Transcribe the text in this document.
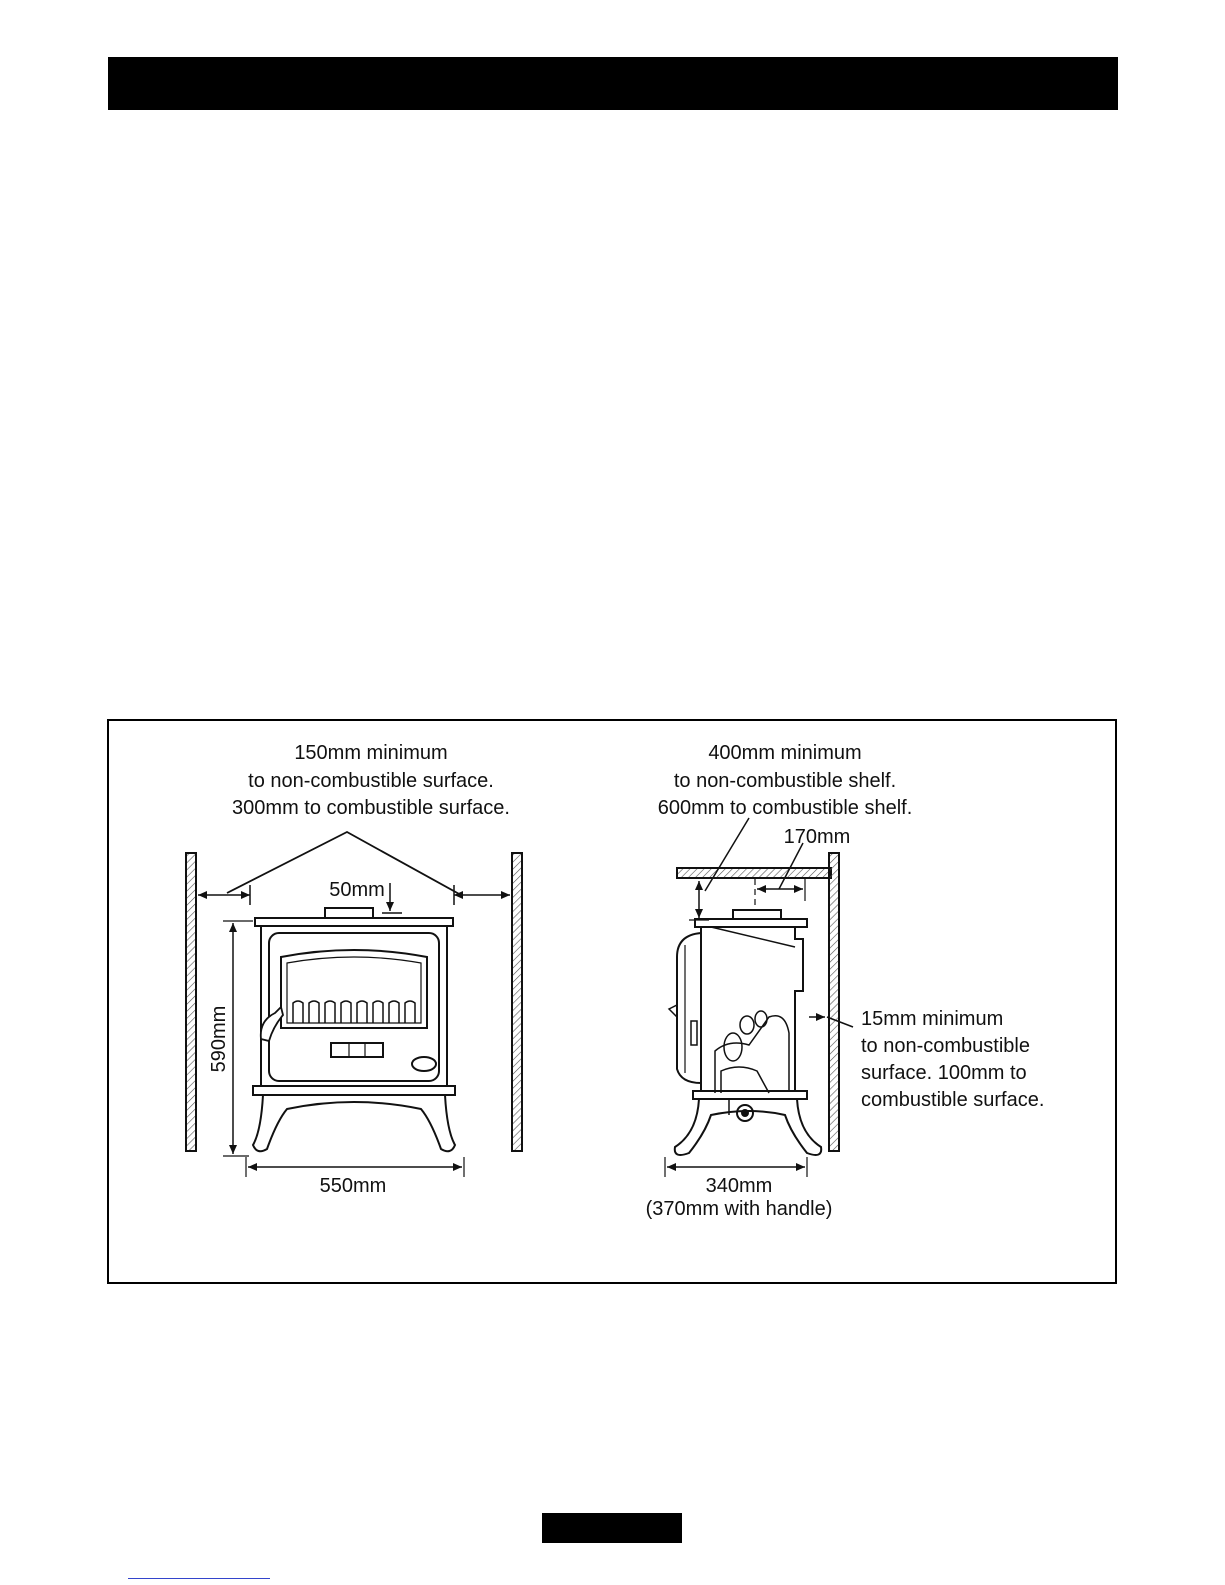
150mm minimum
to non-combustible surface.
300mm to combustible surface.
50mm
590mm
550mm
400mm minimum
to non-combustible shelf.
600mm to combustible shelf.
170mm
15mm minimum
to non-combustible
surface. 100mm to
combustible surface.
340mm
(370mm with handle)
